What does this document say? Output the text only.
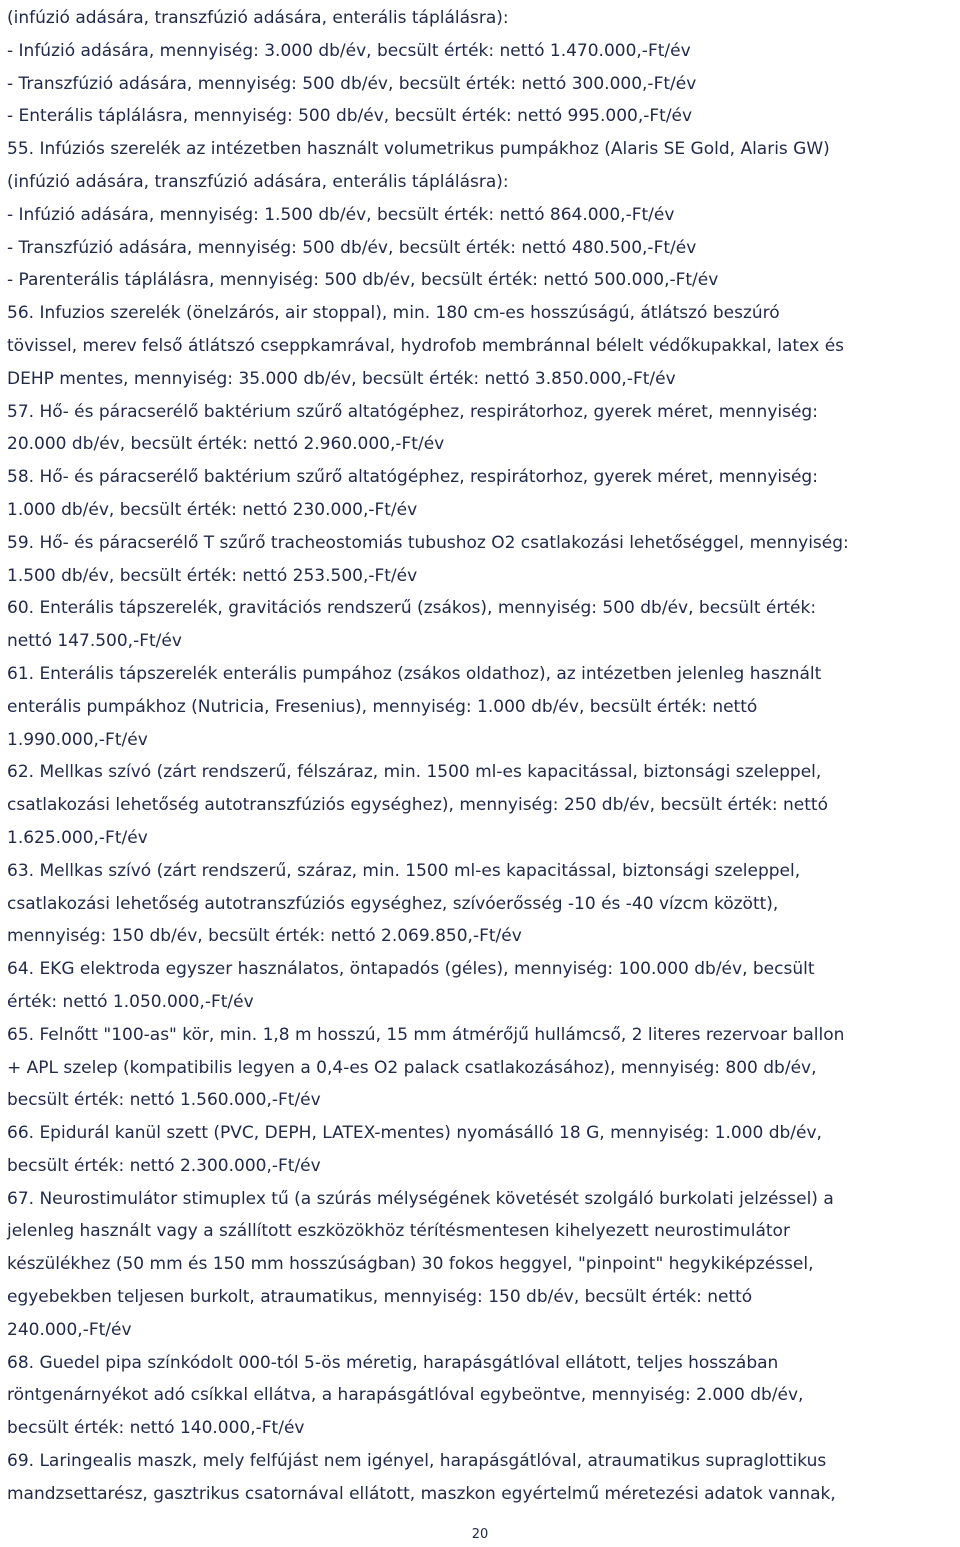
(infúzió adására, transzfúzió adására, enterális táplálásra):

- Infúzió adására, mennyiség: 3.000 db/év, becsült érték: nettó 1.470.000,-Ft/év

- Transzfúzió adására, mennyiség: 500 db/év, becsült érték: nettó 300.000,-Ft/év

- Enterális táplálásra, mennyiség: 500 db/év, becsült érték: nettó 995.000,-Ft/év

55. Infúziós szerelék az intézetben használt volumetrikus pumpákhoz (Alaris SE Gold, Alaris GW)

(infúzió adására, transzfúzió adására, enterális táplálásra):

- Infúzió adására, mennyiség: 1.500 db/év, becsült érték: nettó 864.000,-Ft/év

- Transzfúzió adására, mennyiség: 500 db/év, becsült érték: nettó 480.500,-Ft/év

- Parenterális táplálásra, mennyiség: 500 db/év, becsült érték: nettó 500.000,-Ft/év

56. Infuzios szerelék (önelzárós, air stoppal), min. 180 cm-es hosszúságú, átlátszó beszúró

tövissel, merev felső átlátszó cseppkamrával, hydrofob membránnal bélelt védőkupakkal, latex és

DEHP mentes, mennyiség: 35.000 db/év, becsült érték: nettó 3.850.000,-Ft/év

57. Hő- és páracserélő baktérium szűrő altatógéphez, respirátorhoz, gyerek méret, mennyiség:

20.000 db/év, becsült érték: nettó 2.960.000,-Ft/év

58. Hő- és páracserélő baktérium szűrő altatógéphez, respirátorhoz, gyerek méret, mennyiség:

1.000 db/év, becsült érték: nettó 230.000,-Ft/év

59. Hő- és páracserélő T szűrő tracheostomiás tubushoz O2 csatlakozási lehetőséggel, mennyiség:

1.500 db/év, becsült érték: nettó 253.500,-Ft/év

60. Enterális tápszerelék, gravitációs rendszerű (zsákos), mennyiség: 500 db/év, becsült érték:

nettó 147.500,-Ft/év

61. Enterális tápszerelék enterális pumpához (zsákos oldathoz), az intézetben jelenleg használt

enterális pumpákhoz (Nutricia, Fresenius), mennyiség: 1.000 db/év, becsült érték: nettó

1.990.000,-Ft/év

62. Mellkas szívó (zárt rendszerű, félszáraz, min. 1500 ml-es kapacitással, biztonsági szeleppel,

csatlakozási lehetőség autotranszfúziós egységhez), mennyiség: 250 db/év, becsült érték: nettó

1.625.000,-Ft/év

63. Mellkas szívó (zárt rendszerű, száraz, min. 1500 ml-es kapacitással, biztonsági szeleppel,

csatlakozási lehetőség autotranszfúziós egységhez, szívóerősség -10 és -40 vízcm között),

mennyiség: 150 db/év, becsült érték: nettó 2.069.850,-Ft/év

64. EKG elektroda egyszer használatos, öntapadós (géles), mennyiség: 100.000 db/év, becsült

érték: nettó 1.050.000,-Ft/év

65. Felnőtt "100-as" kör, min. 1,8 m hosszú, 15 mm átmérőjű hullámcső, 2 literes rezervoar ballon

+ APL szelep (kompatibilis legyen a 0,4-es O2 palack csatlakozásához), mennyiség: 800 db/év,

becsült érték: nettó 1.560.000,-Ft/év

66. Epidurál kanül szett (PVC, DEPH, LATEX-mentes) nyomásálló 18 G, mennyiség: 1.000 db/év,

becsült érték: nettó 2.300.000,-Ft/év

67. Neurostimulátor stimuplex tű (a szúrás mélységének követését szolgáló burkolati jelzéssel) a

jelenleg használt vagy a szállított eszközökhöz térítésmentesen kihelyezett neurostimulátor

készülékhez (50 mm és 150 mm hosszúságban) 30 fokos heggyel, "pinpoint" hegykiképzéssel,

egyebekben teljesen burkolt, atraumatikus, mennyiség: 150 db/év, becsült érték: nettó

240.000,-Ft/év

68. Guedel pipa színkódolt 000-tól 5-ös méretig, harapásgátlóval ellátott, teljes hosszában

röntgenárnyékot adó csíkkal ellátva, a harapásgátlóval egybeöntve, mennyiség: 2.000 db/év,

becsült érték: nettó 140.000,-Ft/év

69. Laringealis maszk, mely felfújást nem igényel, harapásgátlóval, atraumatikus supraglottikus

mandzsettarész, gasztrikus csatornával ellátott, maszkon egyértelmű méretezési adatok vannak,

20
